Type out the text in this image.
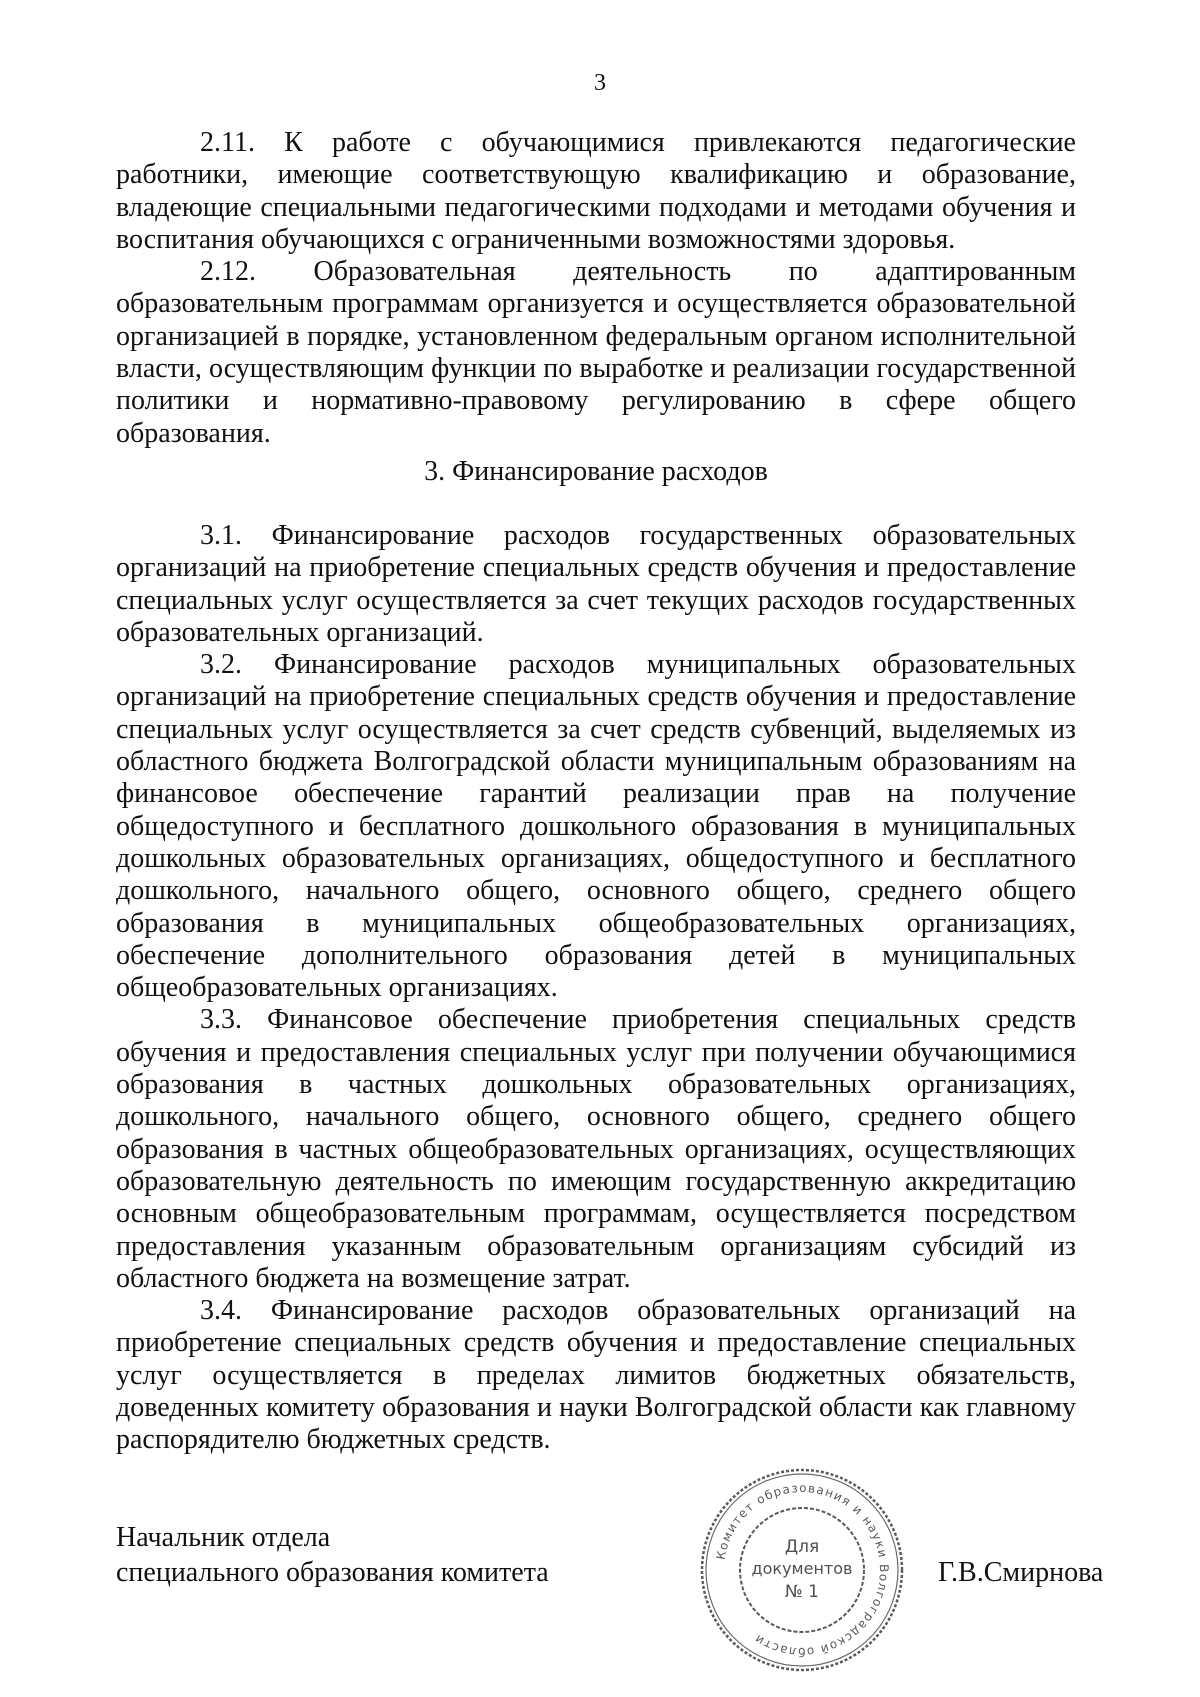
3

2.11. К работе с обучающимися привлекаются педагогические работники, имеющие соответствующую квалификацию и образование, владеющие специальными педагогическими подходами и методами обучения и воспитания обучающихся с ограниченными возможностями здоровья.

2.12. Образовательная деятельность по адаптированным образовательным программам организуется и осуществляется образовательной организацией в порядке, установленном федеральным органом исполнительной власти, осуществляющим функции по выработке и реализации государственной политики и нормативно-правовому регулированию в сфере общего образования.

3. Финансирование расходов

3.1. Финансирование расходов государственных образовательных организаций на приобретение специальных средств обучения и предоставление специальных услуг осуществляется за счет текущих расходов государственных образовательных организаций.

3.2. Финансирование расходов муниципальных образовательных организаций на приобретение специальных средств обучения и предоставление специальных услуг осуществляется за счет средств субвенций, выделяемых из областного бюджета Волгоградской области муниципальным образованиям на финансовое обеспечение гарантий реализации прав на получение общедоступного и бесплатного дошкольного образования в муниципальных дошкольных образовательных организациях, общедоступного и бесплатного дошкольного, начального общего, основного общего, среднего общего образования в муниципальных общеобразовательных организациях, обеспечение дополнительного образования детей в муниципальных общеобразовательных организациях.

3.3. Финансовое обеспечение приобретения специальных средств обучения и предоставления специальных услуг при получении обучающимися образования в частных дошкольных образовательных организациях, дошкольного, начального общего, основного общего, среднего общего образования в частных общеобразовательных организациях, осуществляющих образовательную деятельность по имеющим государственную аккредитацию основным общеобразовательным программам, осуществляется посредством предоставления указанным образовательным организациям субсидий из областного бюджета на возмещение затрат.

3.4. Финансирование расходов образовательных организаций на приобретение специальных средств обучения и предоставление специальных услуг осуществляется в пределах лимитов бюджетных обязательств, доведенных комитету образования и науки Волгоградской области как главному распорядителю бюджетных средств.

Начальник отдела
специального образования комитета	Г.В.Смирнова
Комитет образования и науки Волгоградской области
Для
документов
№ 1
